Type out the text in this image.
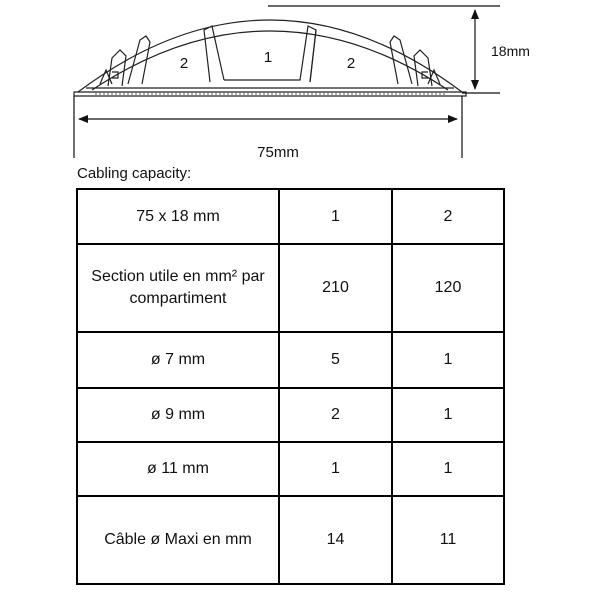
2	1	2
18mm
75mm
Cabling capacity:
75 x 18 mm	1	2
Section utile en mm² par compartiment	210	120
ø 7 mm	5	1
ø 9 mm	2	1
ø 11 mm	1	1
Câble ø Maxi en mm	14	11
